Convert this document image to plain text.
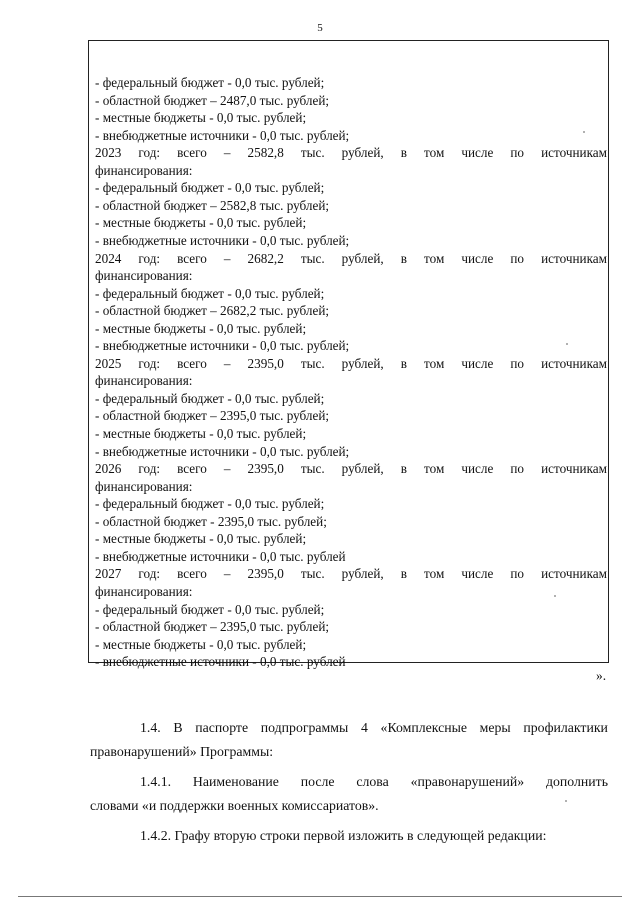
5
- федеральный бюджет - 0,0 тыс. рублей;
- областной бюджет – 2487,0 тыс. рублей;
- местные бюджеты - 0,0 тыс. рублей;
- внебюджетные источники - 0,0 тыс. рублей;
2023 год: всего – 2582,8 тыс. рублей, в том числе по источникам
финансирования:
- федеральный бюджет - 0,0 тыс. рублей;
- областной бюджет – 2582,8 тыс. рублей;
- местные бюджеты - 0,0 тыс. рублей;
- внебюджетные источники - 0,0 тыс. рублей;
2024 год: всего – 2682,2 тыс. рублей, в том числе по источникам
финансирования:
- федеральный бюджет - 0,0 тыс. рублей;
- областной бюджет – 2682,2 тыс. рублей;
- местные бюджеты - 0,0 тыс. рублей;
- внебюджетные источники - 0,0 тыс. рублей;
2025 год: всего – 2395,0 тыс. рублей, в том числе по источникам
финансирования:
- федеральный бюджет - 0,0 тыс. рублей;
- областной бюджет – 2395,0 тыс. рублей;
- местные бюджеты - 0,0 тыс. рублей;
- внебюджетные источники - 0,0 тыс. рублей;
2026 год: всего – 2395,0 тыс. рублей, в том числе по источникам
финансирования:
- федеральный бюджет - 0,0 тыс. рублей;
- областной бюджет - 2395,0 тыс. рублей;
- местные бюджеты - 0,0 тыс. рублей;
- внебюджетные источники - 0,0 тыс. рублей
2027 год: всего – 2395,0 тыс. рублей, в том числе по источникам
финансирования:
- федеральный бюджет - 0,0 тыс. рублей;
- областной бюджет – 2395,0 тыс. рублей;
- местные бюджеты - 0,0 тыс. рублей;
- внебюджетные источники - 0,0 тыс. рублей
».
1.4. В паспорте подпрограммы 4 «Комплексные меры профилактики
правонарушений» Программы:
1.4.1. Наименование после слова «правонарушений» дополнить
словами «и поддержки военных комиссариатов».
1.4.2. Графу вторую строки первой изложить в следующей редакции:
